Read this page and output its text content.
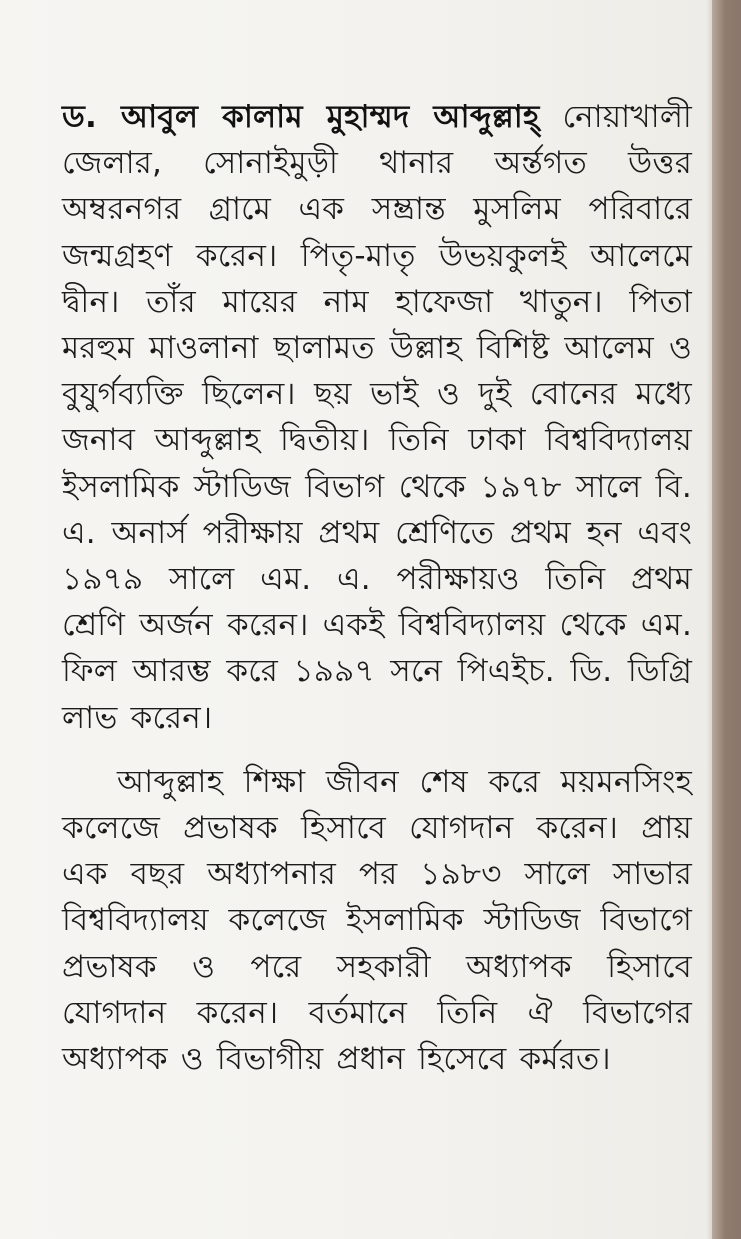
ড. আবুল কালাম মুহাম্মদ আব্দুল্লাহ্ নোয়াখালী জেলার, সোনাইমুড়ী থানার অর্ন্তগত উত্তর অম্বরনগর গ্রামে এক সম্ভ্রান্ত মুসলিম পরিবারে জন্মগ্রহণ করেন। পিতৃ-মাতৃ উভয়কুলই আলেমে দ্বীন। তাঁর মায়ের নাম হাফেজা খাতুন। পিতা মরহুম মাওলানা ছালামত উল্লাহ বিশিষ্ট আলেম ও বুযুর্গব্যক্তি ছিলেন। ছয় ভাই ও দুই বোনের মধ্যে জনাব আব্দুল্লাহ দ্বিতীয়। তিনি ঢাকা বিশ্ববিদ্যালয় ইসলামিক স্টাডিজ বিভাগ থেকে ১৯৭৮ সালে বি. এ. অনার্স পরীক্ষায় প্রথম শ্রেণিতে প্রথম হন এবং ১৯৭৯ সালে এম. এ. পরীক্ষায়ও তিনি প্রথম শ্রেণি অর্জন করেন। একই বিশ্ববিদ্যালয় থেকে এম. ফিল আরম্ভ করে ১৯৯৭ সনে পিএইচ. ডি. ডিগ্রি লাভ করেন।

আব্দুল্লাহ শিক্ষা জীবন শেষ করে ময়মনসিংহ কলেজে প্রভাষক হিসাবে যোগদান করেন। প্রায় এক বছর অধ্যাপনার পর ১৯৮৩ সালে সাভার বিশ্ববিদ্যালয় কলেজে ইসলামিক স্টাডিজ বিভাগে প্রভাষক ও পরে সহকারী অধ্যাপক হিসাবে যোগদান করেন। বর্তমানে তিনি ঐ বিভাগের অধ্যাপক ও বিভাগীয় প্রধান হিসেবে কর্মরত।
